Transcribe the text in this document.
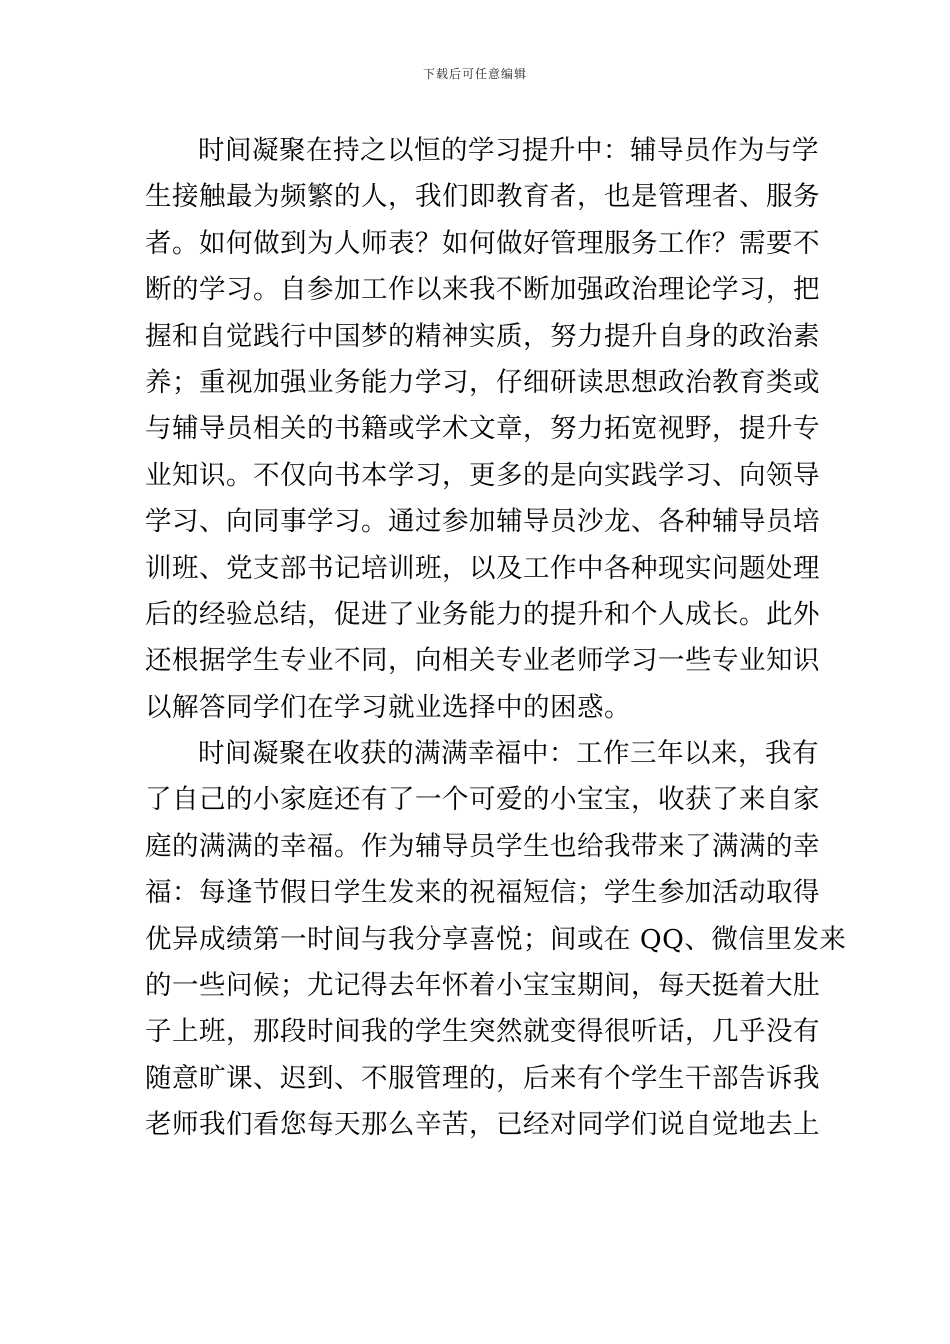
下载后可任意编辑
时间凝聚在持之以恒的学习提升中：辅导员作为与学
生接触最为频繁的人，我们即教育者，也是管理者、服务
者。如何做到为人师表？如何做好管理服务工作？需要不
断的学习。自参加工作以来我不断加强政治理论学习，把
握和自觉践行中国梦的精神实质，努力提升自身的政治素
养；重视加强业务能力学习，仔细研读思想政治教育类或
与辅导员相关的书籍或学术文章，努力拓宽视野，提升专
业知识。不仅向书本学习，更多的是向实践学习、向领导
学习、向同事学习。通过参加辅导员沙龙、各种辅导员培
训班、党支部书记培训班，以及工作中各种现实问题处理
后的经验总结，促进了业务能力的提升和个人成长。此外
还根据学生专业不同，向相关专业老师学习一些专业知识
以解答同学们在学习就业选择中的困惑。
时间凝聚在收获的满满幸福中：工作三年以来，我有
了自己的小家庭还有了一个可爱的小宝宝，收获了来自家
庭的满满的幸福。作为辅导员学生也给我带来了满满的幸
福：每逢节假日学生发来的祝福短信；学生参加活动取得
优异成绩第一时间与我分享喜悦；间或在 QQ、微信里发来
的一些问候；尤记得去年怀着小宝宝期间，每天挺着大肚
子上班，那段时间我的学生突然就变得很听话，几乎没有
随意旷课、迟到、不服管理的，后来有个学生干部告诉我
老师我们看您每天那么辛苦，已经对同学们说自觉地去上
